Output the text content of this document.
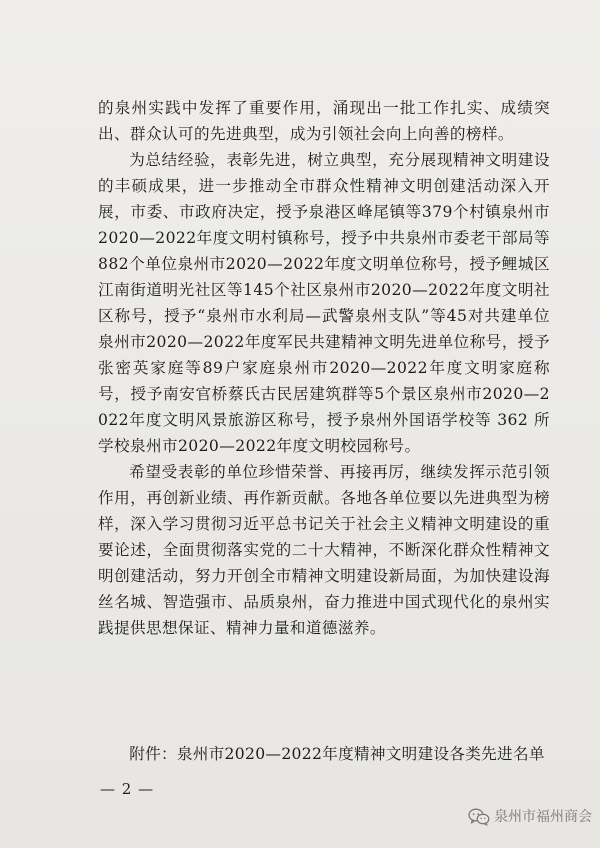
的泉州实践中发挥了重要作用，涌现出一批工作扎实、成绩突出、群众认可的先进典型，成为引领社会向上向善的榜样。

为总结经验，表彰先进，树立典型，充分展现精神文明建设的丰硕成果，进一步推动全市群众性精神文明创建活动深入开展，市委、市政府决定，授予泉港区峰尾镇等379个村镇泉州市2020—2022年度文明村镇称号，授予中共泉州市委老干部局等882个单位泉州市2020—2022年度文明单位称号，授予鲤城区江南街道明光社区等145个社区泉州市2020—2022年度文明社区称号，授予“泉州市水利局—武警泉州支队”等45对共建单位泉州市2020—2022年度军民共建精神文明先进单位称号，授予张密英家庭等89户家庭泉州市2020—2022年度文明家庭称号，授予南安官桥蔡氏古民居建筑群等5个景区泉州市2020—2022年度文明风景旅游区称号，授予泉州外国语学校等 362 所学校泉州市2020—2022年度文明校园称号。

希望受表彰的单位珍惜荣誉、再接再厉，继续发挥示范引领作用，再创新业绩、再作新贡献。各地各单位要以先进典型为榜样，深入学习贯彻习近平总书记关于社会主义精神文明建设的重要论述，全面贯彻落实党的二十大精神，不断深化群众性精神文明创建活动，努力开创全市精神文明建设新局面，为加快建设海丝名城、智造强市、品质泉州，奋力推进中国式现代化的泉州实践提供思想保证、精神力量和道德滋养。

附件：泉州市2020—2022年度精神文明建设各类先进名单
— 2 —
泉州市福州商会
